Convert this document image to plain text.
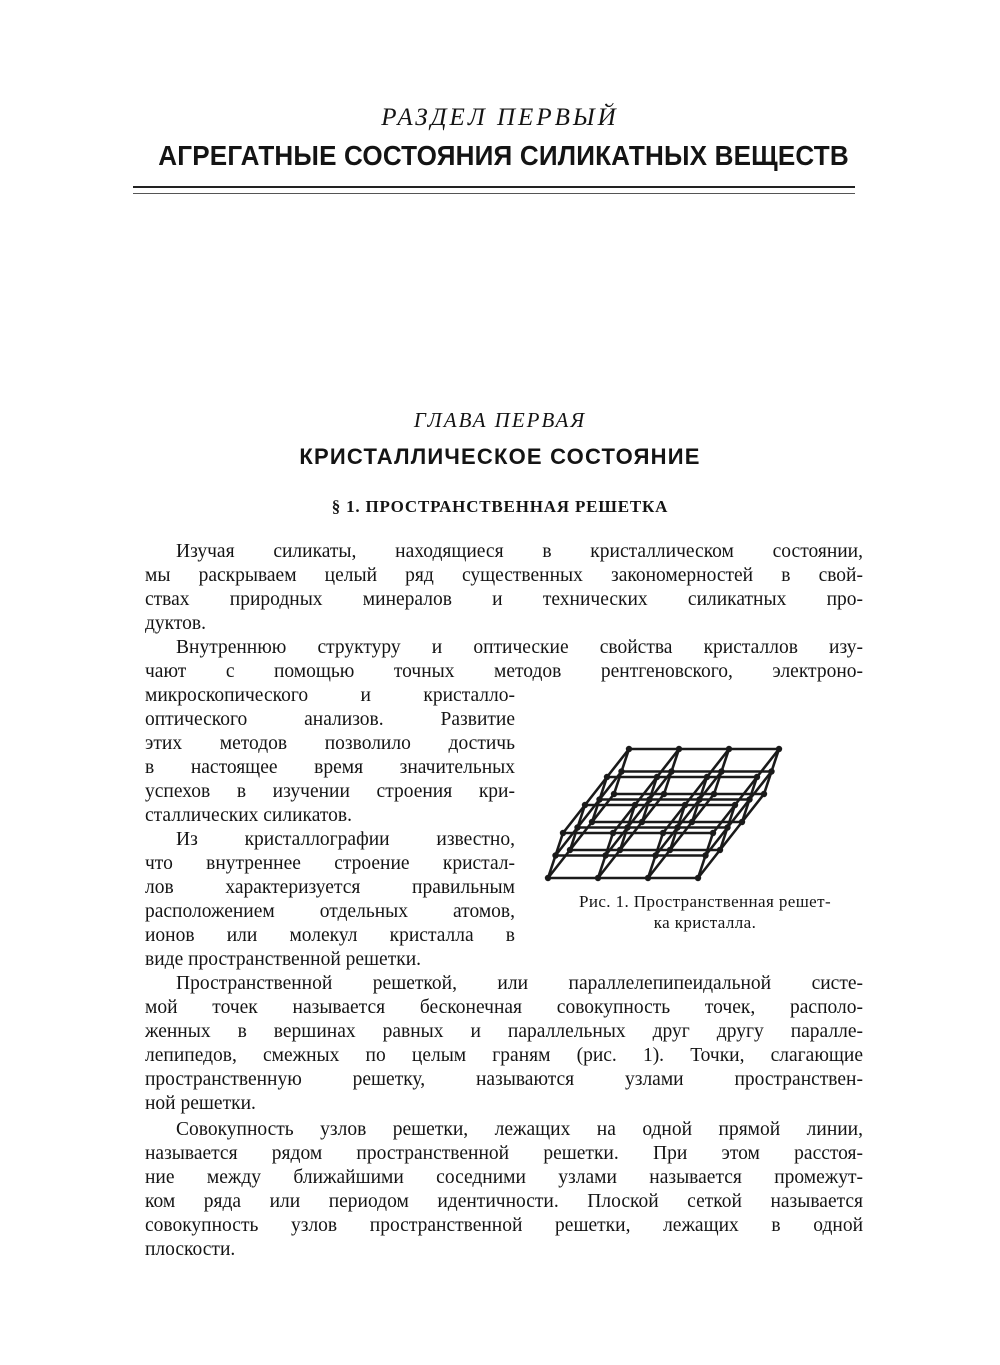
РАЗДЕЛ ПЕРВЫЙ
АГРЕГАТНЫЕ СОСТОЯНИЯ СИЛИКАТНЫХ ВЕЩЕСТВ
ГЛАВА ПЕРВАЯ
КРИСТАЛЛИЧЕСКОЕ СОСТОЯНИЕ
§ 1. ПРОСТРАНСТВЕННАЯ РЕШЕТКА
Изучая силикаты, находящиеся в кристаллическом состоянии,
мы раскрываем целый ряд существенных закономерностей в свой-
ствах природных минералов и технических силикатных про-
дуктов.
Внутреннюю структуру и оптические свойства кристаллов изу-
чают с помощью точных методов рентгеновского, электроно-
микроскопического и кристалло-
оптического анализов. Развитие
этих методов позволило достичь
в настоящее время значительных
успехов в изучении строения кри-
сталлических силикатов.
Из кристаллографии известно,
что внутреннее строение кристал-
лов характеризуется правильным
расположением отдельных атомов,
ионов или молекул кристалла в
виде пространственной решетки.
Рис. 1. Пространственная решет-
ка кристалла.
Пространственной решеткой, или параллелепипеидальной систе-
мой точек называется бесконечная совокупность точек, располо-
женных в вершинах равных и параллельных друг другу паралле-
лепипедов, смежных по целым граням (рис. 1). Точки, слагающие
пространственную решетку, называются узлами пространствен-
ной решетки.
Совокупность узлов решетки, лежащих на одной прямой линии,
называется рядом пространственной решетки. При этом расстоя-
ние между ближайшими соседними узлами называется промежут-
ком ряда или периодом идентичности. Плоской сеткой называется
совокупность узлов пространственной решетки, лежащих в одной
плоскости.
